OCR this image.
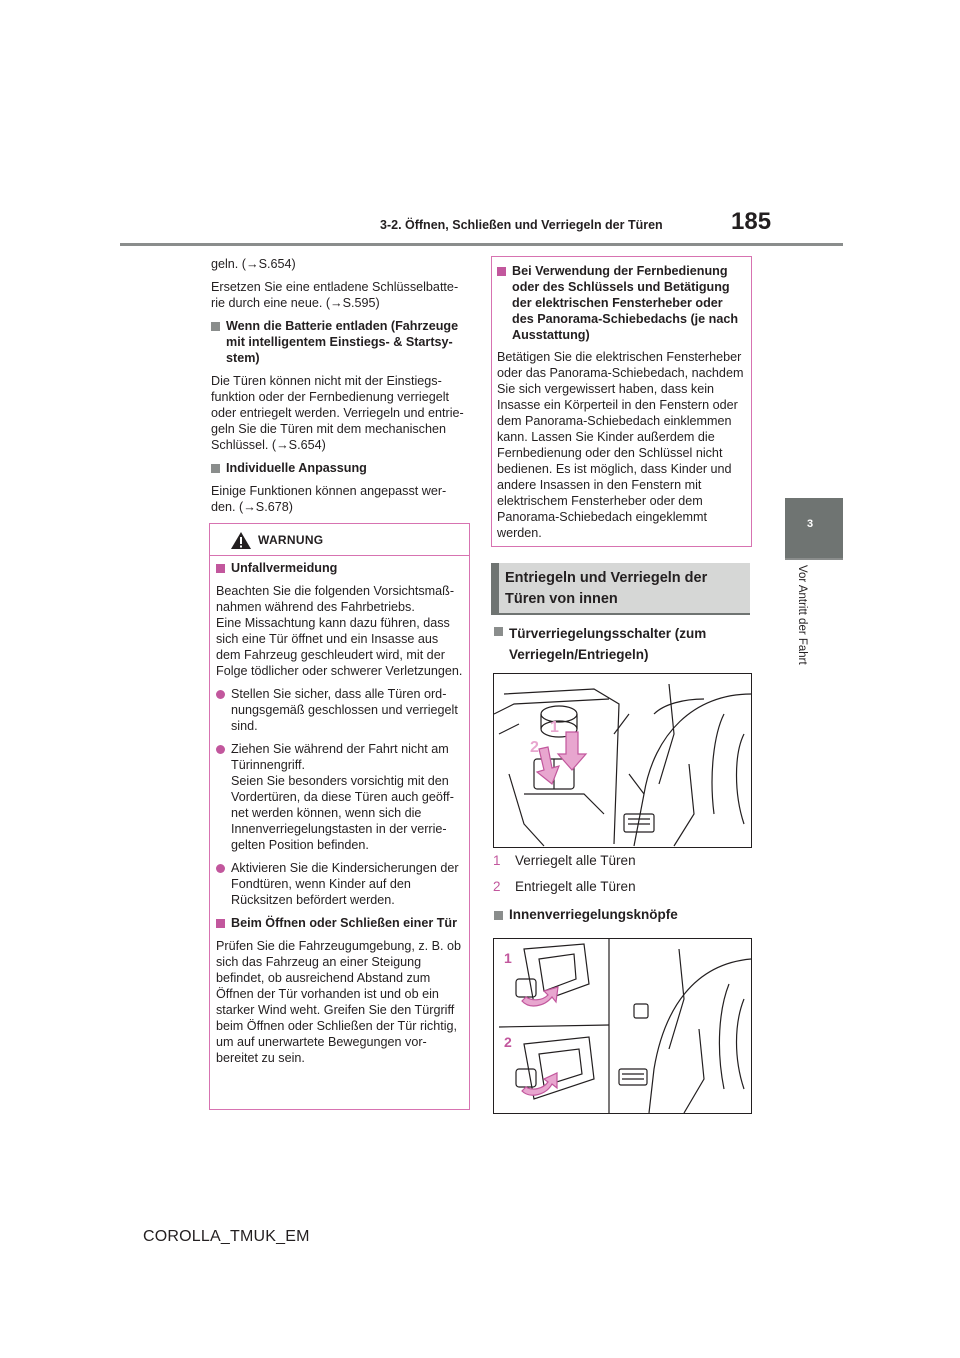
3-2. Öffnen, Schließen und Verriegeln der Türen	185
3
Vor Antritt der Fahrt

geln. (→S.654)

Ersetzen Sie eine entladene Schlüsselbatterie durch eine neue. (→S.595)

Wenn die Batterie entladen (Fahrzeuge mit intelligentem Einstiegs- & Startsystem)

Die Türen können nicht mit der Einstiegsfunktion oder der Fernbedienung verriegelt oder entriegelt werden. Verriegeln und entriegeln Sie die Türen mit dem mechanischen Schlüssel. (→S.654)

Individuelle Anpassung

Einige Funktionen können angepasst werden. (→S.678)

WARNUNG

Unfallvermeidung

Beachten Sie die folgenden Vorsichtsmaßnahmen während des Fahrbetriebs.
Eine Missachtung kann dazu führen, dass sich eine Tür öffnet und ein Insasse aus dem Fahrzeug geschleudert wird, mit der Folge tödlicher oder schwerer Verletzungen.

Stellen Sie sicher, dass alle Türen ordnungsgemäß geschlossen und verriegelt sind.

Ziehen Sie während der Fahrt nicht am Türinnengriff.
Seien Sie besonders vorsichtig mit den Vordertüren, da diese Türen auch geöffnet werden können, wenn sich die Innenverriegelungstasten in der verriegelten Position befinden.

Aktivieren Sie die Kindersicherungen der Fondtüren, wenn Kinder auf den Rücksitzen befördert werden.

Beim Öffnen oder Schließen einer Tür

Prüfen Sie die Fahrzeugumgebung, z. B. ob sich das Fahrzeug an einer Steigung befindet, ob ausreichend Abstand zum Öffnen der Tür vorhanden ist und ob ein starker Wind weht. Greifen Sie den Türgriff beim Öffnen oder Schließen der Tür richtig, um auf unerwartete Bewegungen vorbereitet zu sein.

Bei Verwendung der Fernbedienung oder des Schlüssels und Betätigung der elektrischen Fensterheber oder des Panorama-Schiebedachs (je nach Ausstattung)

Betätigen Sie die elektrischen Fensterheber oder das Panorama-Schiebedach, nachdem Sie sich vergewissert haben, dass kein Insasse ein Körperteil in den Fenstern oder dem Panorama-Schiebedach einklemmen kann. Lassen Sie Kinder außerdem die Fernbedienung oder den Schlüssel nicht bedienen. Es ist möglich, dass Kinder und andere Insassen in den Fenstern mit elektrischem Fensterheber oder dem Panorama-Schiebedach eingeklemmt werden.

Entriegeln und Verriegeln der Türen von innen

Türverriegelungsschalter (zum Verriegeln/Entriegeln)

1
2

1 Verriegelt alle Türen

2 Entriegelt alle Türen

Innenverriegelungsknöpfe

1
2
COROLLA_TMUK_EM
